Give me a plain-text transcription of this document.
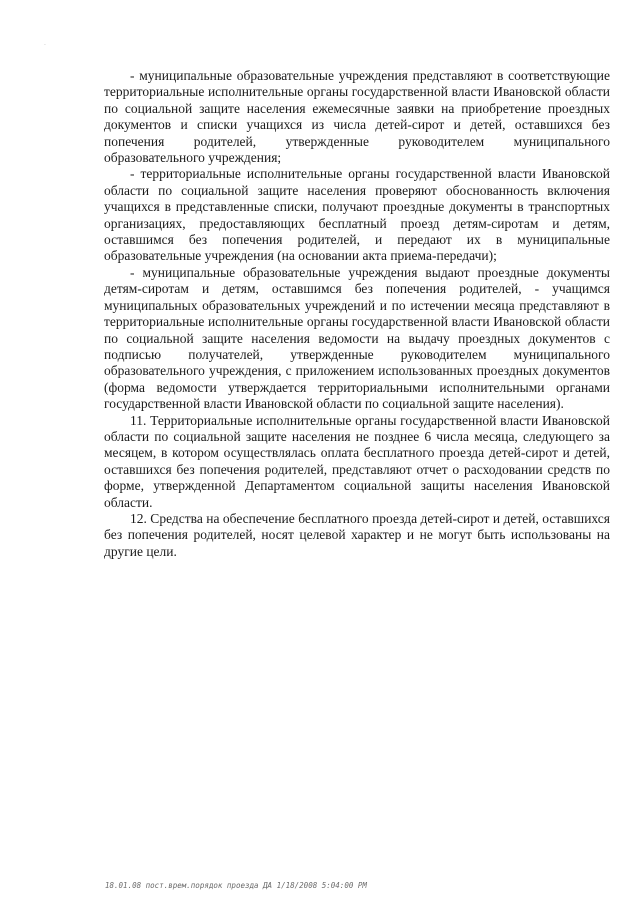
·

- муниципальные образовательные учреждения представляют в соответствующие территориальные исполнительные органы государственной власти Ивановской области по социальной защите населения ежемесячные заявки на приобретение проездных документов и списки учащихся из числа детей-сирот и детей, оставшихся без попечения родителей, утвержденные руководителем муниципального образовательного учреждения;

- территориальные исполнительные органы государственной власти Ивановской области по социальной защите населения проверяют обоснованность включения учащихся в представленные списки, получают проездные документы в транспортных организациях, предоставляющих бесплатный проезд детям-сиротам и детям, оставшимся без попечения родителей, и передают их в муниципальные образовательные учреждения (на основании акта приема-передачи);

- муниципальные образовательные учреждения выдают проездные документы детям-сиротам и детям, оставшимся без попечения родителей, - учащимся муниципальных образовательных учреждений и по истечении месяца представляют в территориальные исполнительные органы государственной власти Ивановской области по социальной защите населения ведомости на выдачу проездных документов с подписью получателей, утвержденные руководителем муниципального образовательного учреждения, с приложением использованных проездных документов (форма ведомости утверждается территориальными исполнительными органами государственной власти Ивановской области по социальной защите населения).

11. Территориальные исполнительные органы государственной власти Ивановской области по социальной защите населения не позднее 6 числа месяца, следующего за месяцем, в котором осуществлялась оплата бесплатного проезда детей-сирот и детей, оставшихся без попечения родителей, представляют отчет о расходовании средств по форме, утвержденной Департаментом социальной защиты населения Ивановской области.

12. Средства на обеспечение бесплатного проезда детей-сирот и детей, оставшихся без попечения родителей, носят целевой характер и не могут быть использованы на другие цели.

18.01.08 пост.врем.порядок проезда ДА 1/18/2008 5:04:00 PM
